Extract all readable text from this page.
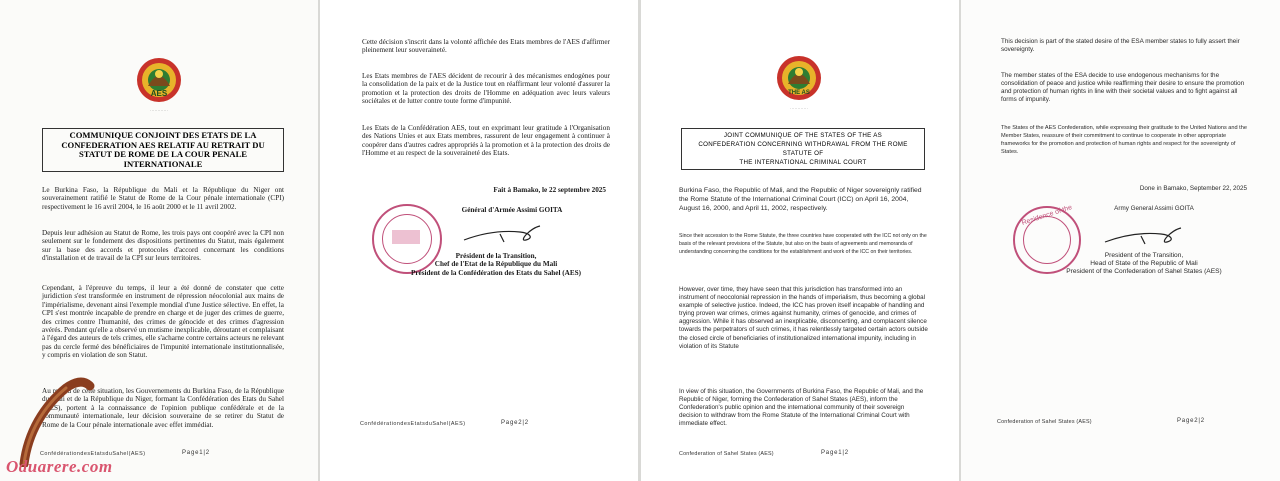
AES
. . . . . . . . . . . .
COMMUNIQUE CONJOINT DES ETATS DE LA CONFEDERATION AES RELATIF AU RETRAIT DU STATUT DE ROME DE LA COUR PENALE INTERNATIONALE
Le Burkina Faso, la République du Mali et la République du Niger ont souverainement ratifié le Statut de Rome de la Cour pénale internationale (CPI) respectivement le 16 avril 2004, le 16 août 2000 et le 11 avril 2002.
Depuis leur adhésion au Statut de Rome, les trois pays ont coopéré avec la CPI non seulement sur le fondement des dispositions pertinentes du Statut, mais également sur la base des accords et protocoles d'accord concernant les conditions d'installation et de travail de la CPI sur leurs territoires.
Cependant, à l'épreuve du temps, il leur a été donné de constater que cette juridiction s'est transformée en instrument de répression néocolonial aux mains de l'impérialisme, devenant ainsi l'exemple mondial d'une Justice sélective. En effet, la CPI s'est montrée incapable de prendre en charge et de juger des crimes de guerre, des crimes contre l'humanité, des crimes de génocide et des crimes d'agression avérés. Pendant qu'elle a observé un mutisme inexplicable, déroutant et complaisant à l'égard des auteurs de tels crimes, elle s'acharne contre certains acteurs ne relevant pas du cercle fermé des bénéficiaires de l'impunité internationale institutionnalisée, y compris en violation de son Statut.
Au regard de cette situation, les Gouvernements du Burkina Faso, de la République du Mali et de la République du Niger, formant la Confédération des Etats du Sahel (AES), portent à la connaissance de l'opinion publique confédérale et de la communauté internationale, leur décision souveraine de se retirer du Statut de Rome de la Cour pénale internationale avec effet immédiat.
ConfédérationdesEtatsduSahel(AES)	Page1|2
Oduarere.com
Cette décision s'inscrit dans la volonté affichée des Etats membres de l'AES d'affirmer pleinement leur souveraineté.
Les Etats membres de l'AES décident de recourir à des mécanismes endogènes pour la consolidation de la paix et de la Justice tout en réaffirmant leur volonté d'assurer la promotion et la protection des droits de l'Homme en adéquation avec leurs valeurs sociétales et de lutter contre toute forme d'impunité.
Les Etats de la Confédération AES, tout en exprimant leur gratitude à l'Organisation des Nations Unies et aux Etats membres, rassurent de leur engagement à continuer à coopérer dans d'autres cadres appropriés à la promotion et à la protection des droits de l'Homme et au respect de la souveraineté des Etats.
Fait à Bamako, le 22 septembre 2025
Général d'Armée Assimi GOITA
Président de la Transition,
Chef de l'Etat de la République du Mali
Président de la Confédération des Etats du Sahel (AES)
ConfédérationdesEtatsduSahel(AES)	Page2|2
THE AS
. . . . . . . . . . . .
JOINT COMMUNIQUE OF THE STATES OF THE AS
CONFEDERATION CONCERNING WITHDRAWAL FROM THE ROME STATUTE OF
THE INTERNATIONAL CRIMINAL COURT
Burkina Faso, the Republic of Mali, and the Republic of Niger sovereignly ratified the Rome Statute of the International Criminal Court (ICC) on April 16, 2004, August 16, 2000, and April 11, 2002, respectively.
Since their accession to the Rome Statute, the three countries have cooperated with the ICC not only on the basis of the relevant provisions of the Statute, but also on the basis of agreements and memoranda of understanding concerning the conditions for the establishment and work of the ICC on their territories.
However, over time, they have seen that this jurisdiction has transformed into an instrument of neocolonial repression in the hands of imperialism, thus becoming a global example of selective justice. Indeed, the ICC has proven itself incapable of handling and trying proven war crimes, crimes against humanity, crimes of genocide, and crimes of aggression. While it has observed an inexplicable, disconcerting, and complacent silence towards the perpetrators of such crimes, it has relentlessly targeted certain actors outside the closed circle of beneficiaries of institutionalized international impunity, including in violation of its Statute
In view of this situation, the Governments of Burkina Faso, the Republic of Mali, and the Republic of Niger, forming the Confederation of Sahel States (AES), inform the Confederation's public opinion and the international community of their sovereign decision to withdraw from the Rome Statute of the International Criminal Court with immediate effect.
Confederation of Sahel States (AES)	Page1|2
This decision is part of the stated desire of the ESA member states to fully assert their sovereignty.
The member states of the ESA decide to use endogenous mechanisms for the consolidation of peace and justice while reaffirming their desire to ensure the promotion and protection of human rights in line with their societal values and to fight against all forms of impunity.
The States of the AES Confederation, while expressing their gratitude to the United Nations and the Member States, reassure of their commitment to continue to cooperate in other appropriate frameworks for the promotion and protection of human rights and respect for the sovereignty of States.
Done in Bamako, September 22, 2025
Army General Assimi GOITA
Residence of the
President of the Transition,
Head of State of the Republic of Mali
President of the Confederation of Sahel States (AES)
Confederation of Sahel States (AES)	Page2|2
